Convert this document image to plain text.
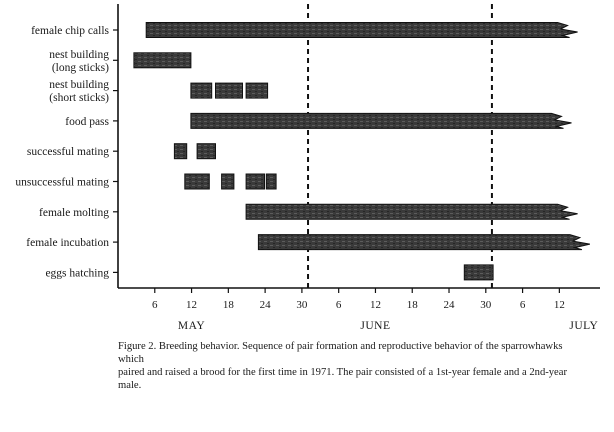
female chip calls
nest building (long sticks)
nest building (short sticks)
food pass
successful mating
unsuccessful mating
female molting
female incubation
eggs hatching
6	12 18 24 30	6	12 18 24 30	6	12
MAY	JUNE	JULY
Figure 2. Breeding behavior. Sequence of pair formation and reproductive behavior of the sparrowhawks which
paired and raised a brood for the first time in 1971. The pair consisted of a 1st-year female and a 2nd-year male.
